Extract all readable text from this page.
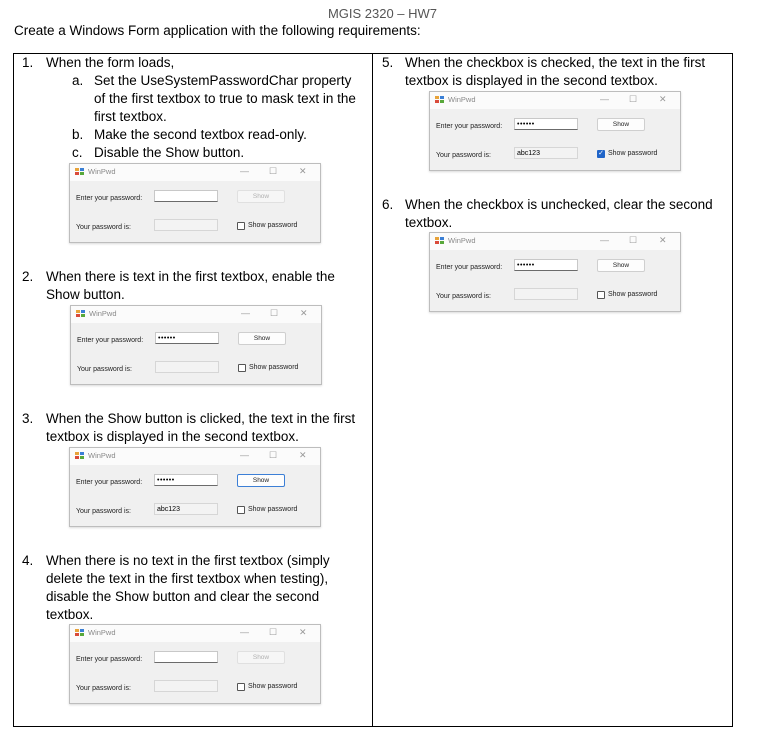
MGIS 2320 – HW7
Create a Windows Form application with the following requirements:
1. When the form loads,
a. Set the UseSystemPasswordChar property of the first textbox to true to mask text in the first textbox.
b. Make the second textbox read-only.
c. Disable the Show button.
2. When there is text in the first textbox, enable the Show button.
3. When the Show button is clicked, the text in the first textbox is displayed in the second textbox.
4. When there is no text in the first textbox (simply delete the text in the first textbox when testing), disable the Show button and clear the second textbox.
5. When the checkbox is checked, the text in the first textbox is displayed in the second textbox.
6. When the checkbox is unchecked, clear the second textbox.
WinPwd	— ☐ ✕
Enter your password:	Show
Your password is:	Show password
WinPwd	— ☐ ✕
Enter your password:	••••••	Show
Your password is:	Show password
WinPwd	— ☐ ✕
Enter your password:	••••••	Show
Your password is:	abc123	Show password
WinPwd	— ☐ ✕
Enter your password:	Show
Your password is:	Show password
WinPwd	— ☐ ✕
Enter your password:	••••••	Show
Your password is:	abc123	✓ Show password
WinPwd	— ☐ ✕
Enter your password:	••••••	Show
Your password is:	Show password
